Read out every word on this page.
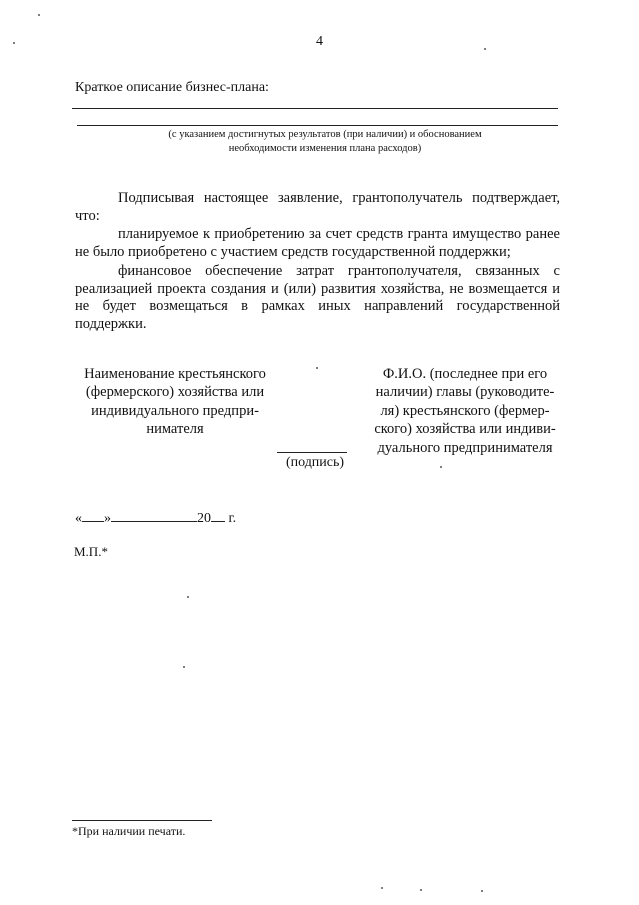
4
Краткое описание бизнес-плана:
(с указанием достигнутых результатов (при наличии) и обоснованием
необходимости изменения плана расходов)

Подписывая настоящее заявление, грантополучатель подтверждает, что:

планируемое к приобретению за счет средств гранта имущество ранее не было приобретено с участием средств государственной поддержки;

финансовое обеспечение затрат грантополучателя, связанных с реализацией проекта создания и (или) развития хозяйства, не возмещается и не будет возмещаться в рамках иных направлений государственной поддержки.

Наименование крестьянского
(фермерского) хозяйства или
индивидуального предпри-
нимателя
Ф.И.О. (последнее при его
наличии) главы (руководите-
ля) крестьянского (фермер-
ского) хозяйства или индиви-
дуального предпринимателя
(подпись)
« »	20 г.
М.П.*
*При наличии печати.
